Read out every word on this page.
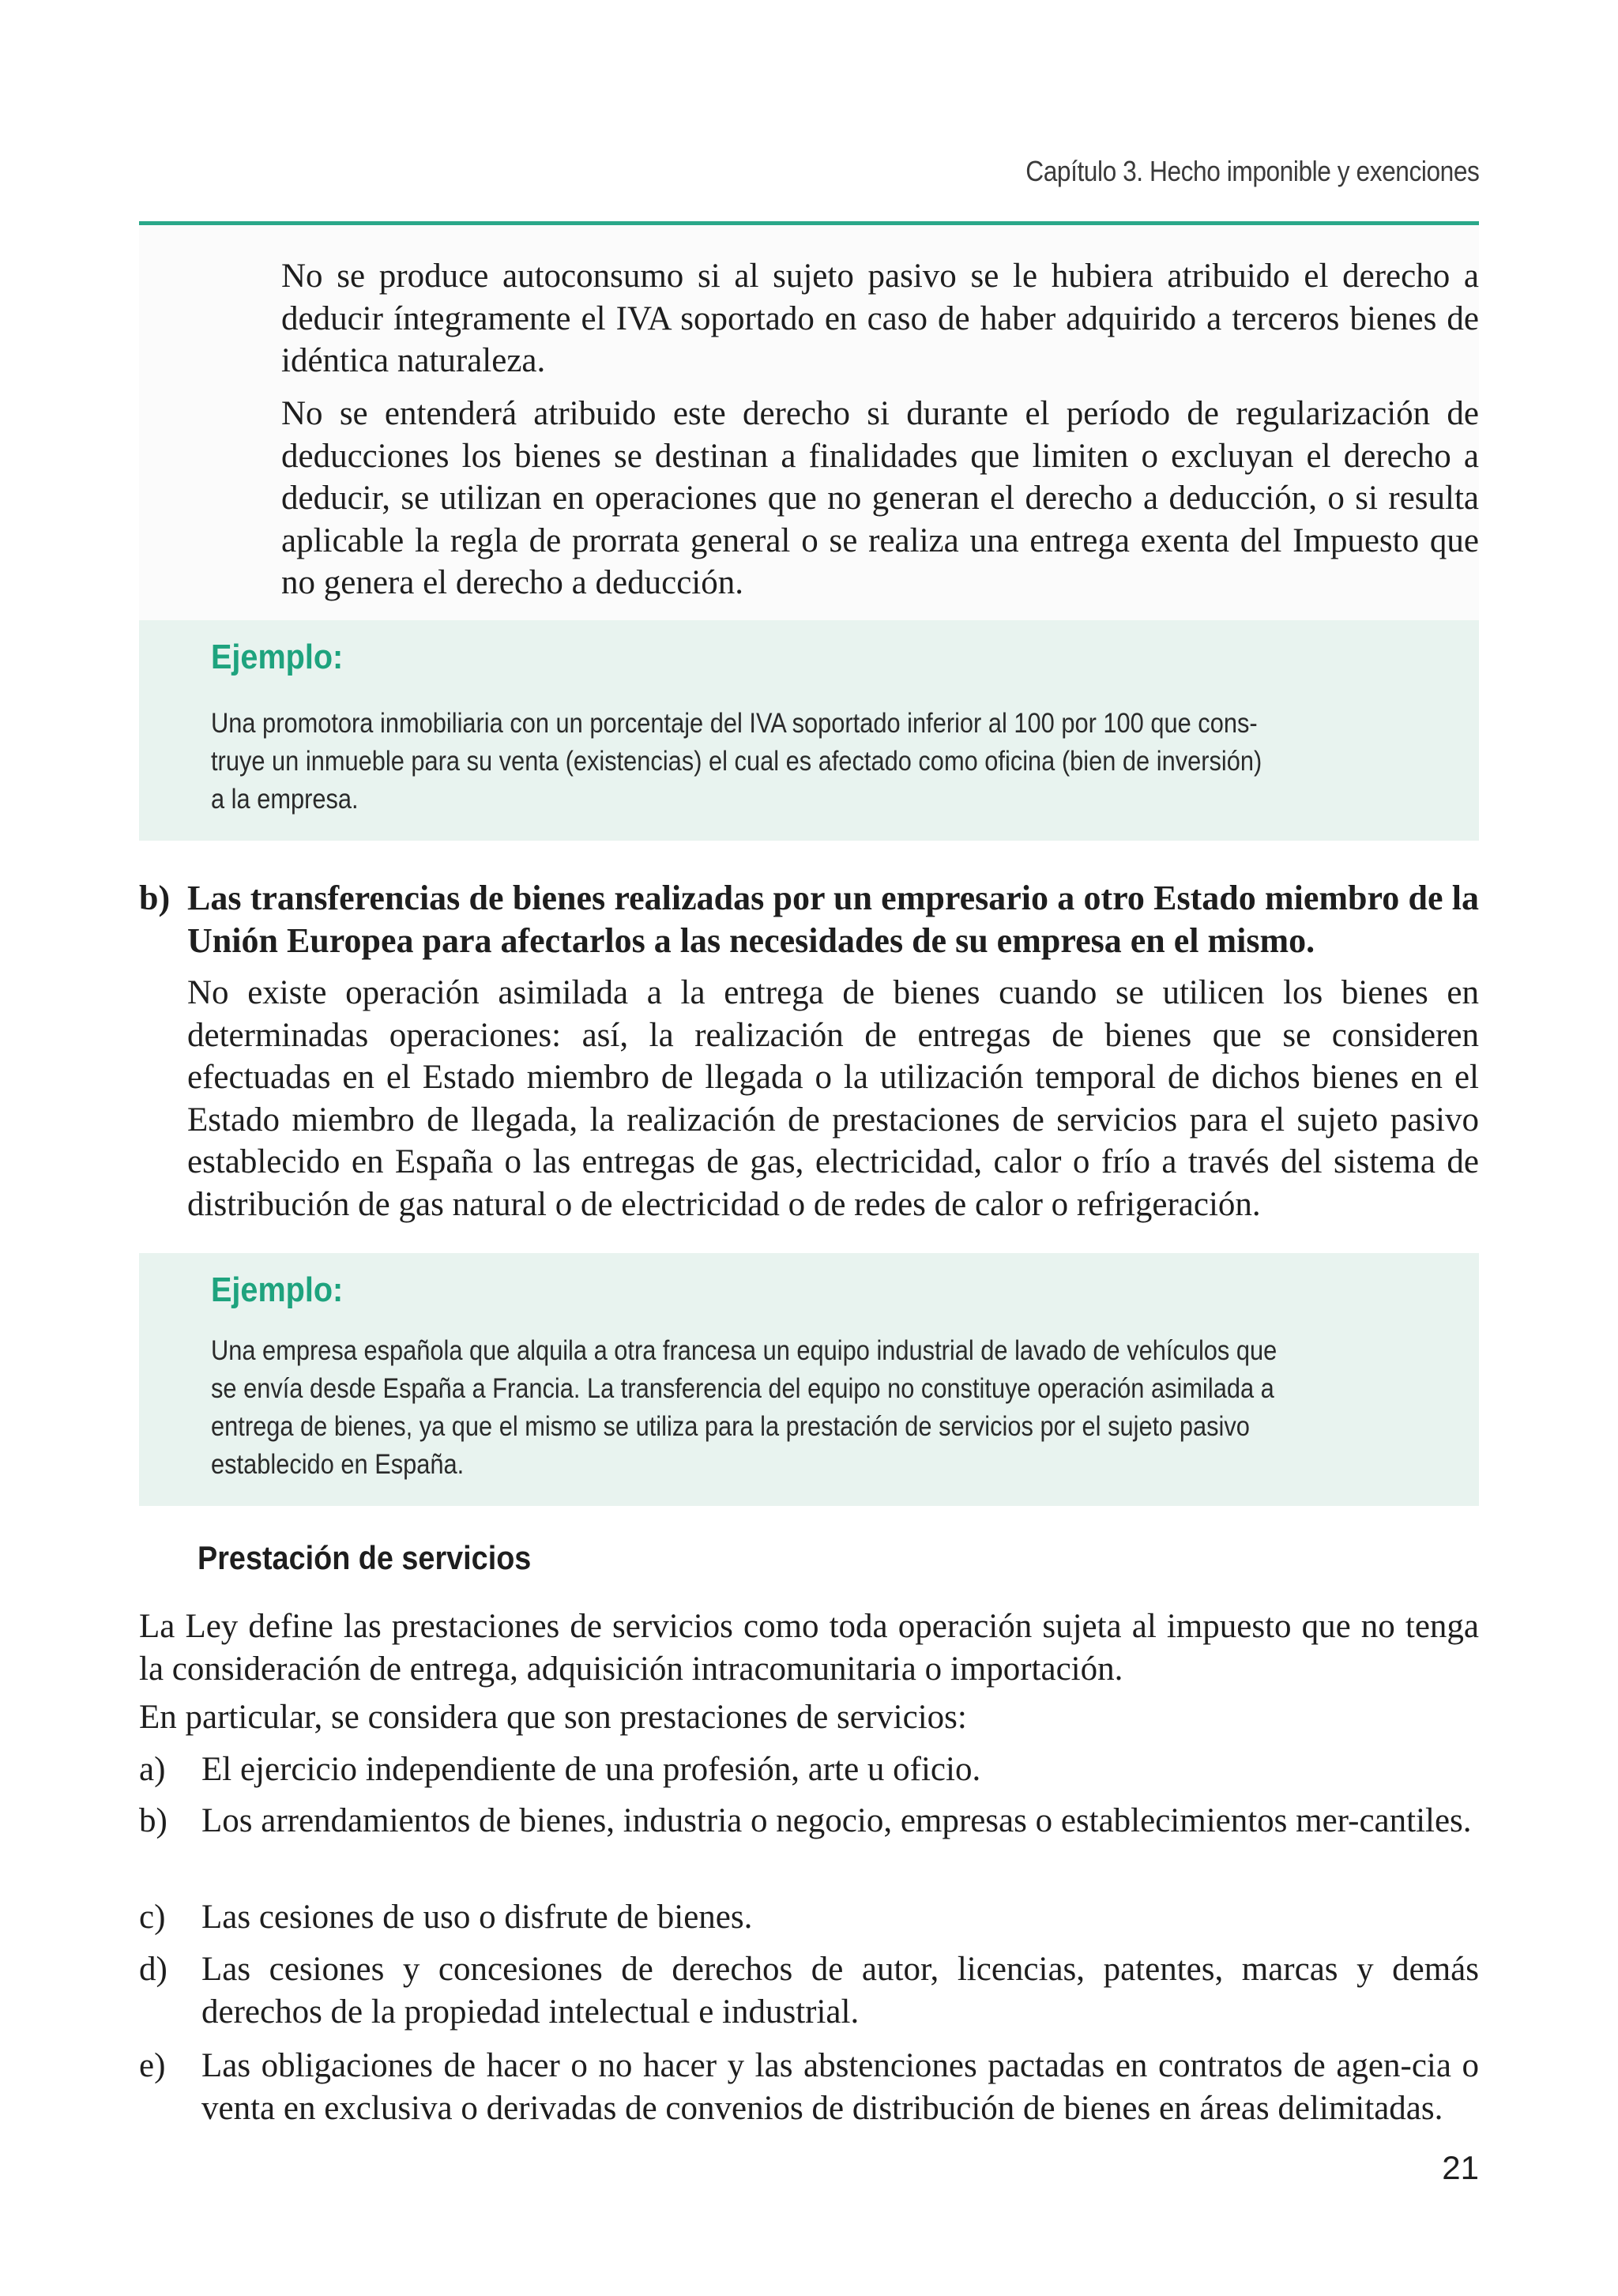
Capítulo 3. Hecho imponible y exenciones

No se produce autoconsumo si al sujeto pasivo se le hubiera atribuido el derecho a deducir íntegramente el IVA soportado en caso de haber adquirido a terceros bienes de idéntica naturaleza.

No se entenderá atribuido este derecho si durante el período de regularización de deducciones los bienes se destinan a finalidades que limiten o excluyan el derecho a deducir, se utilizan en operaciones que no generan el derecho a deducción, o si resulta aplicable la regla de prorrata general o se realiza una entrega exenta del Impuesto que no genera el derecho a deducción.

Ejemplo:

Una promotora inmobiliaria con un porcentaje del IVA soportado inferior al 100 por 100 que cons-
truye un inmueble para su venta (existencias) el cual es afectado como oficina (bien de inversión)
a la empresa.

b) Las transferencias de bienes realizadas por un empresario a otro Estado miembro de la Unión Europea para afectarlos a las necesidades de su empresa en el mismo.

No existe operación asimilada a la entrega de bienes cuando se utilicen los bienes en determinadas operaciones: así, la realización de entregas de bienes que se consideren efectuadas en el Estado miembro de llegada o la utilización temporal de dichos bienes en el Estado miembro de llegada, la realización de prestaciones de servicios para el sujeto pasivo establecido en España o las entregas de gas, electricidad, calor o frío a través del sistema de distribución de gas natural o de electricidad o de redes de calor o refrigeración.

Ejemplo:

Una empresa española que alquila a otra francesa un equipo industrial de lavado de vehículos que
se envía desde España a Francia. La transferencia del equipo no constituye operación asimilada a
entrega de bienes, ya que el mismo se utiliza para la prestación de servicios por el sujeto pasivo
establecido en España.

Prestación de servicios

La Ley define las prestaciones de servicios como toda operación sujeta al impuesto que no tenga la consideración de entrega, adquisición intracomunitaria o importación.

En particular, se considera que son prestaciones de servicios:

a) El ejercicio independiente de una profesión, arte u oficio.
b) Los arrendamientos de bienes, industria o negocio, empresas o establecimientos mer-cantiles.
c) Las cesiones de uso o disfrute de bienes.
d) Las cesiones y concesiones de derechos de autor, licencias, patentes, marcas y demás derechos de la propiedad intelectual e industrial.
e) Las obligaciones de hacer o no hacer y las abstenciones pactadas en contratos de agen-cia o venta en exclusiva o derivadas de convenios de distribución de bienes en áreas delimitadas.
21
